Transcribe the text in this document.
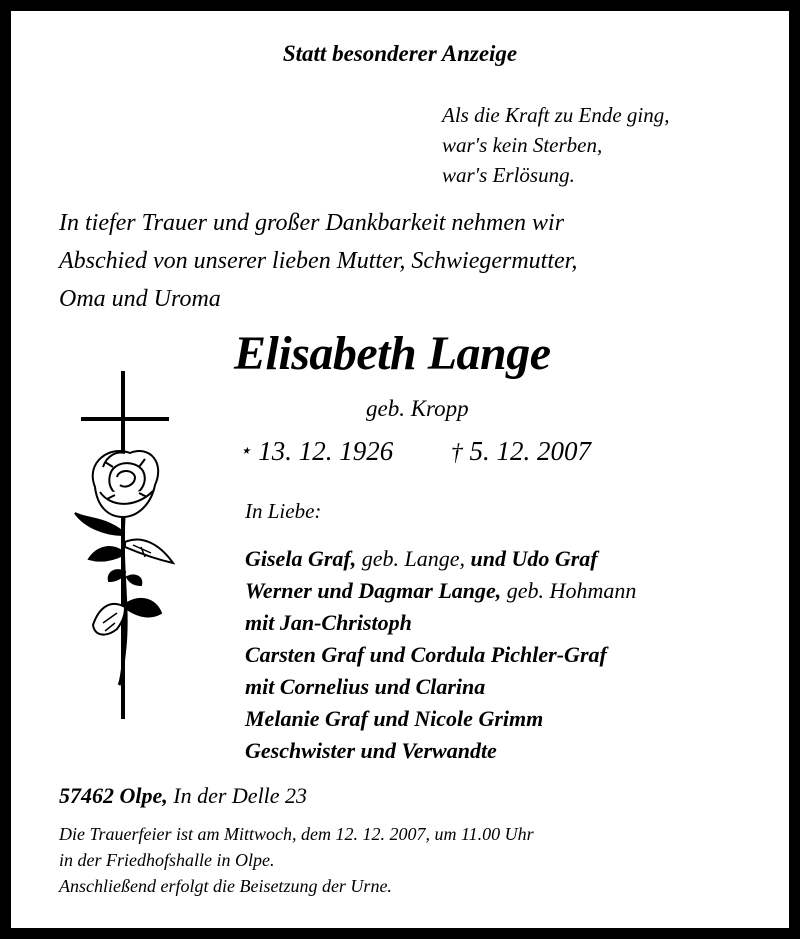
Statt besonderer Anzeige
Als die Kraft zu Ende ging,
war's kein Sterben,
war's Erlösung.
In tiefer Trauer und großer Dankbarkeit nehmen wir
Abschied von unserer lieben Mutter, Schwiegermutter,
Oma und Uroma
Elisabeth Lange
geb. Kropp
⋆ 13. 12. 1926 † 5. 12. 2007
In Liebe:
Gisela Graf, geb. Lange, und Udo Graf
Werner und Dagmar Lange, geb. Hohmann
mit Jan-Christoph
Carsten Graf und Cordula Pichler-Graf
mit Cornelius und Clarina
Melanie Graf und Nicole Grimm
Geschwister und Verwandte
57462 Olpe, In der Delle 23
Die Trauerfeier ist am Mittwoch, dem 12. 12. 2007, um 11.00 Uhr
in der Friedhofshalle in Olpe.
Anschließend erfolgt die Beisetzung der Urne.
